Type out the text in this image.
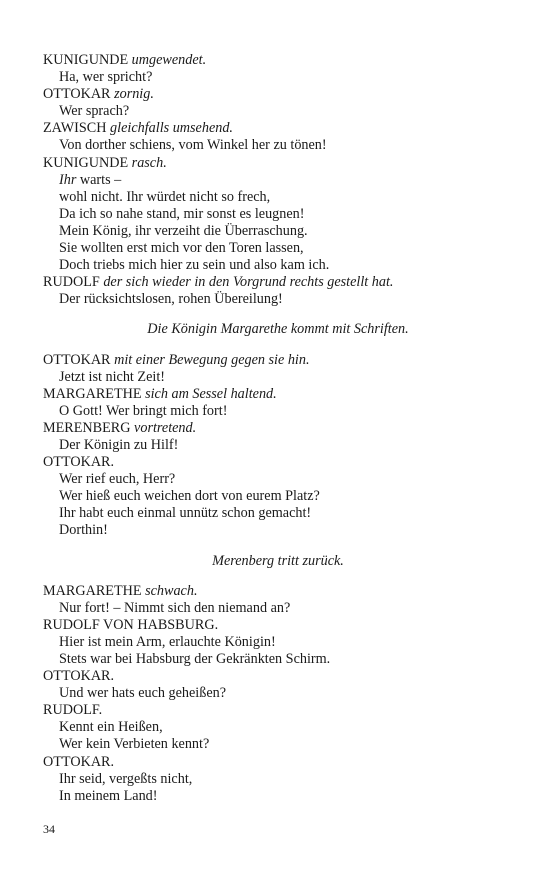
KUNIGUNDE umgewendet.
Ha, wer spricht?
OTTOKAR zornig.
Wer sprach?
ZAWISCH gleichfalls umsehend.
Von dorther schiens, vom Winkel her zu tönen!
KUNIGUNDE rasch.
Ihr warts –
wohl nicht. Ihr würdet nicht so frech,
Da ich so nahe stand, mir sonst es leugnen!
Mein König, ihr verzeiht die Überraschung.
Sie wollten erst mich vor den Toren lassen,
Doch triebs mich hier zu sein und also kam ich.
RUDOLF der sich wieder in den Vorgrund rechts gestellt hat.
Der rücksichtslosen, rohen Übereilung!
Die Königin Margarethe kommt mit Schriften.
OTTOKAR mit einer Bewegung gegen sie hin.
Jetzt ist nicht Zeit!
MARGARETHE sich am Sessel haltend.
O Gott! Wer bringt mich fort!
MERENBERG vortretend.
Der Königin zu Hilf!
OTTOKAR.
Wer rief euch, Herr?
Wer hieß euch weichen dort von eurem Platz?
Ihr habt euch einmal unnütz schon gemacht!
Dorthin!
Merenberg tritt zurück.
MARGARETHE schwach.
Nur fort! – Nimmt sich den niemand an?
RUDOLF VON HABSBURG.
Hier ist mein Arm, erlauchte Königin!
Stets war bei Habsburg der Gekränkten Schirm.
OTTOKAR.
Und wer hats euch geheißen?
RUDOLF.
Kennt ein Heißen,
Wer kein Verbieten kennt?
OTTOKAR.
Ihr seid, vergeßts nicht,
In meinem Land!
34
